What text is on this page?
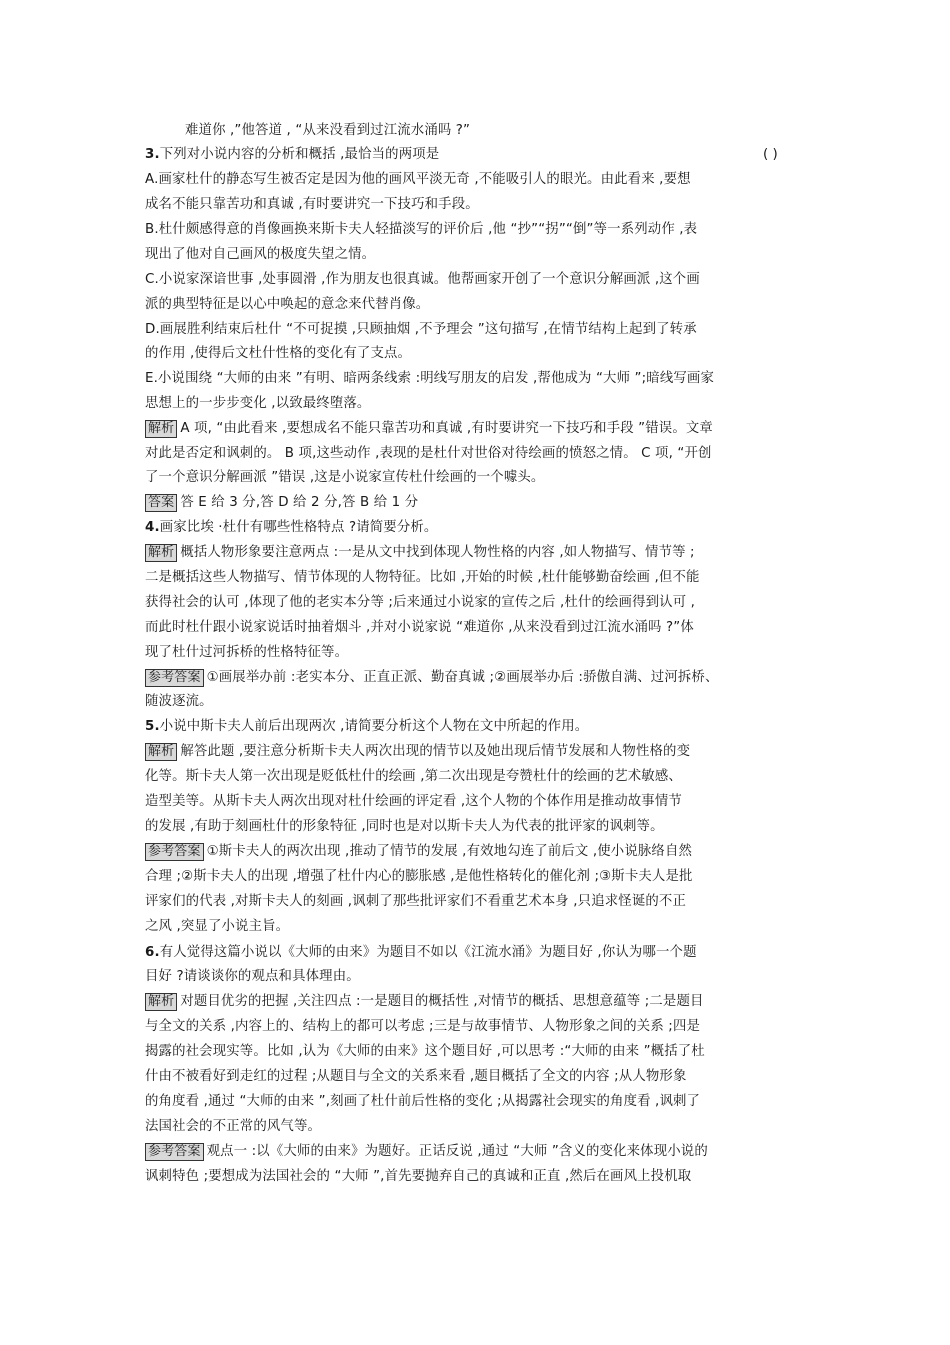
难道你 ,”他答道 , “从来没看到过江流水涌吗 ?”
3.下列对小说内容的分析和概括 ,最恰当的两项是
A.画家杜什的静态写生被否定是因为他的画风平淡无奇 ,不能吸引人的眼光。由此看来 ,要想
成名不能只靠苦功和真诚 ,有时要讲究一下技巧和手段。
B.杜什颇感得意的肖像画换来斯卡夫人轻描淡写的评价后 ,他 “抄”“拐”“倒”等一系列动作 ,表
现出了他对自己画风的极度失望之情。
C.小说家深谙世事 ,处事圆滑 ,作为朋友也很真诚。他帮画家开创了一个意识分解画派 ,这个画
派的典型特征是以心中唤起的意念来代替肖像。
D.画展胜利结束后杜什 “不可捉摸 ,只顾抽烟 ,不予理会 ”这句描写 ,在情节结构上起到了转承
的作用 ,使得后文杜什性格的变化有了支点。
E.小说围绕 “大师的由来 ”有明、暗两条线索 :明线写朋友的启发 ,帮他成为 “大师 ”;暗线写画家
思想上的一步步变化 ,以致最终堕落。
解析 A 项, “由此看来 ,要想成名不能只靠苦功和真诚 ,有时要讲究一下技巧和手段 ”错误。文章
对此是否定和讽刺的。 B 项,这些动作 ,表现的是杜什对世俗对待绘画的愤怒之情。 C 项, “开创
了一个意识分解画派 ”错误 ,这是小说家宣传杜什绘画的一个噱头。
答案 答 E 给 3 分,答 D 给 2 分,答 B 给 1 分
4.画家比埃 ·杜什有哪些性格特点 ?请简要分析。
解析 概括人物形象要注意两点 :一是从文中找到体现人物性格的内容 ,如人物描写、情节等 ;
二是概括这些人物描写、情节体现的人物特征。比如 ,开始的时候 ,杜什能够勤奋绘画 ,但不能
获得社会的认可 ,体现了他的老实本分等 ;后来通过小说家的宣传之后 ,杜什的绘画得到认可 ,
而此时杜什跟小说家说话时抽着烟斗 ,并对小说家说 “难道你 ,从来没看到过江流水涌吗 ?”体
现了杜什过河拆桥的性格特征等。
参考答案 ①画展举办前 :老实本分、正直正派、勤奋真诚 ;②画展举办后 :骄傲自满、过河拆桥、
随波逐流。
5.小说中斯卡夫人前后出现两次 ,请简要分析这个人物在文中所起的作用。
解析 解答此题 ,要注意分析斯卡夫人两次出现的情节以及她出现后情节发展和人物性格的变
化等。斯卡夫人第一次出现是贬低杜什的绘画 ,第二次出现是夸赞杜什的绘画的艺术敏感、
造型美等。从斯卡夫人两次出现对杜什绘画的评定看 ,这个人物的个体作用是推动故事情节
的发展 ,有助于刻画杜什的形象特征 ,同时也是对以斯卡夫人为代表的批评家的讽刺等。
参考答案 ①斯卡夫人的两次出现 ,推动了情节的发展 ,有效地勾连了前后文 ,使小说脉络自然
合理 ;②斯卡夫人的出现 ,增强了杜什内心的膨胀感 ,是他性格转化的催化剂 ;③斯卡夫人是批
评家们的代表 ,对斯卡夫人的刻画 ,讽刺了那些批评家们不看重艺术本身 ,只追求怪诞的不正
之风 ,突显了小说主旨。
6.有人觉得这篇小说以《大师的由来》为题目不如以《江流水涌》为题目好 ,你认为哪一个题
目好 ?请谈谈你的观点和具体理由。
解析 对题目优劣的把握 ,关注四点 :一是题目的概括性 ,对情节的概括、思想意蕴等 ;二是题目
与全文的关系 ,内容上的、结构上的都可以考虑 ;三是与故事情节、人物形象之间的关系 ;四是
揭露的社会现实等。比如 ,认为《大师的由来》这个题目好 ,可以思考 :“大师的由来 ”概括了杜
什由不被看好到走红的过程 ;从题目与全文的关系来看 ,题目概括了全文的内容 ;从人物形象
的角度看 ,通过 “大师的由来 ”,刻画了杜什前后性格的变化 ;从揭露社会现实的角度看 ,讽刺了
法国社会的不正常的风气等。
参考答案 观点一 :以《大师的由来》为题好。正话反说 ,通过 “大师 ”含义的变化来体现小说的
讽刺特色 ;要想成为法国社会的 “大师 ”,首先要抛弃自己的真诚和正直 ,然后在画风上投机取
( )
